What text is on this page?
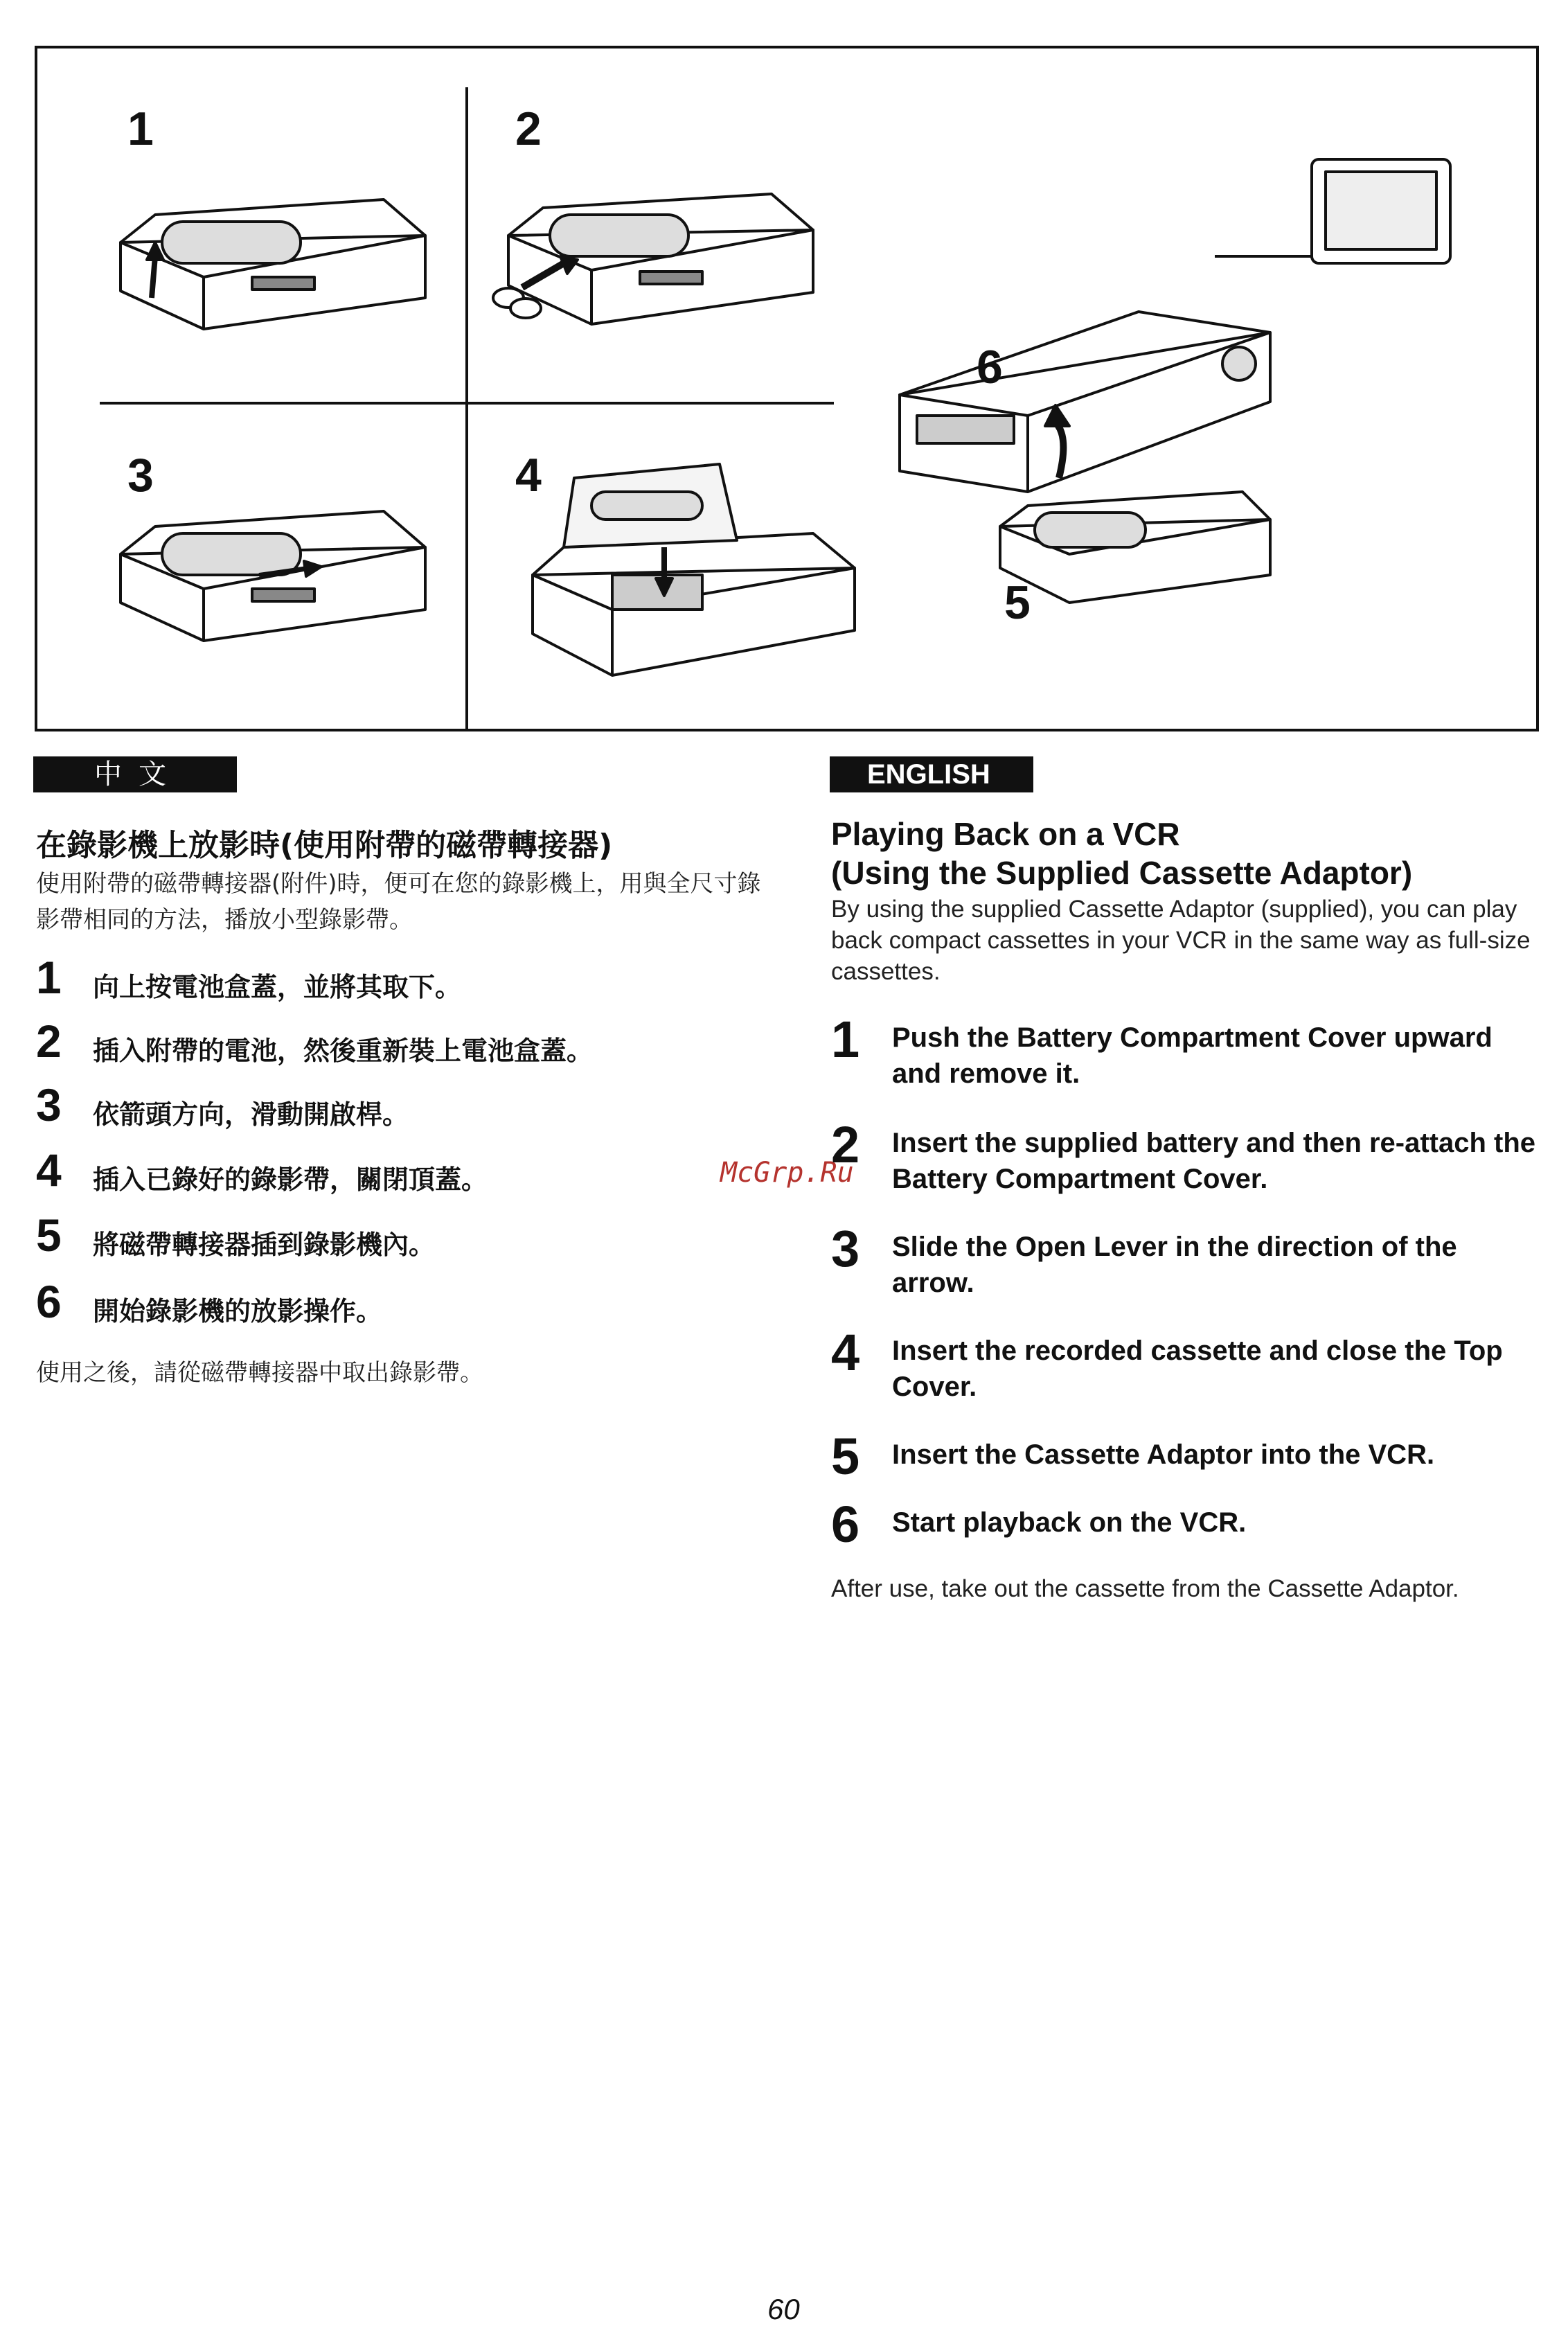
1	2
3	4
5
6
中文
在錄影機上放影時(使用附帶的磁帶轉接器)
使用附帶的磁帶轉接器(附件)時，便可在您的錄影機上，用與全尺寸錄影帶相同的方法，播放小型錄影帶。
1 向上按電池盒蓋，並將其取下。
2 插入附帶的電池，然後重新裝上電池盒蓋。
3 依箭頭方向，滑動開啟桿。
4 插入已錄好的錄影帶，關閉頂蓋。
5 將磁帶轉接器插到錄影機內。
6 開始錄影機的放影操作。
使用之後，請從磁帶轉接器中取出錄影帶。
McGrp.Ru
ENGLISH
Playing Back on a VCR
(Using the Supplied Cassette Adaptor)
By using the supplied Cassette Adaptor (supplied), you can play back compact cassettes in your VCR in the same way as full-size cassettes.
1 Push the Battery Compartment Cover upward and remove it.
2 Insert the supplied battery and then re-attach the Battery Compartment Cover.
3 Slide the Open Lever in the direction of the arrow.
4 Insert the recorded cassette and close the Top Cover.
5 Insert the Cassette Adaptor into the VCR.
6 Start playback on the VCR.
After use, take out the cassette from the Cassette Adaptor.
60
